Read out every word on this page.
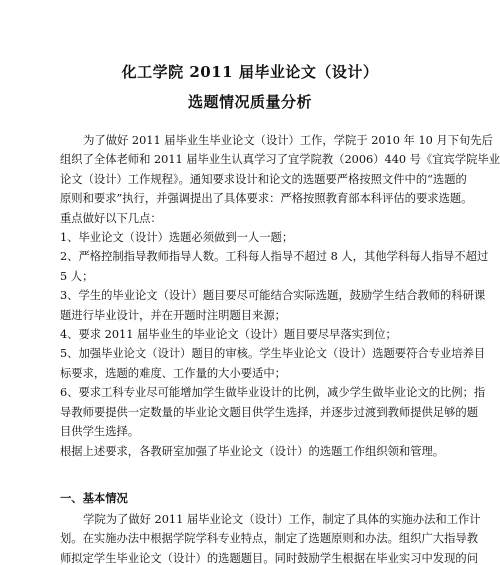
化工学院 2011 届毕业论文（设计）
选题情况质量分析

为了做好 2011 届毕业生毕业论文（设计）工作，学院于 2010 年 10 月下旬先后
组织了全体老师和 2011 届毕业生认真学习了宜学院教（2006）440 号《宜宾学院毕业
论文（设计）工作规程》。通知要求设计和论文的选题要严格按照文件中的“选题的
原则和要求”执行，并强调提出了具体要求：严格按照教育部本科评估的要求选题。
重点做好以下几点：

1、毕业论文（设计）选题必须做到一人一题；

2、严格控制指导教师指导人数。工科每人指导不超过 8 人，其他学科每人指导不超过
5 人；

3、学生的毕业论文（设计）题目要尽可能结合实际选题，鼓励学生结合教师的科研课
题进行毕业设计，并在开题时注明题目来源；

4、要求 2011 届毕业生的毕业论文（设计）题目要尽早落实到位；

5、加强毕业论文（设计）题目的审核。学生毕业论文（设计）选题要符合专业培养目
标要求，选题的难度、工作量的大小要适中；

6、要求工科专业尽可能增加学生做毕业设计的比例，减少学生做毕业论文的比例；指
导教师要提供一定数量的毕业论文题目供学生选择，并逐步过渡到教师提供足够的题
目供学生选择。

根据上述要求，各教研室加强了毕业论文（设计）的选题工作组织领和管理。

一、基本情况
学院为了做好 2011 届毕业论文（设计）工作，制定了具体的实施办法和工作计
划。在实施办法中根据学院学科专业特点，制定了选题原则和办法。组织广大指导教
师拟定学生毕业论文（设计）的选题题目。同时鼓励学生根据在毕业实习中发现的问
